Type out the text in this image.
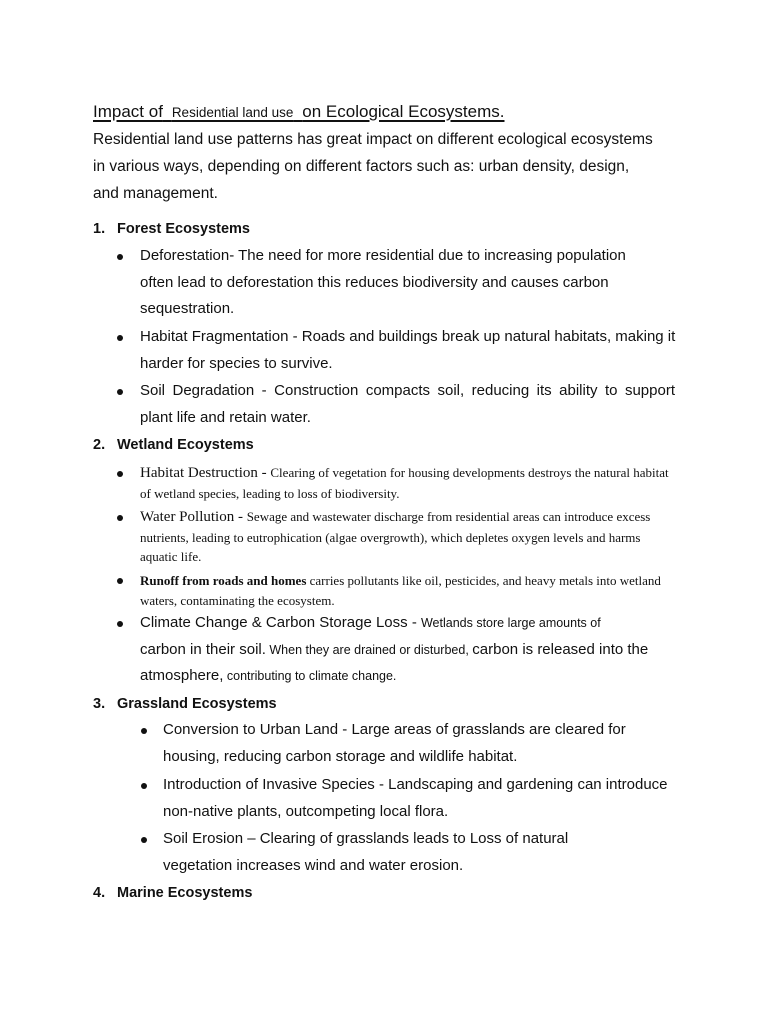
Impact of Residential land use on Ecological Ecosystems.

Residential land use patterns has great impact on different ecological ecosystems in various ways, depending on different factors such as: urban density, design, and management.

1. Forest Ecosystems

Deforestation- The need for more residential due to increasing population often lead to deforestation this reduces biodiversity and causes carbon sequestration.

Habitat Fragmentation - Roads and buildings break up natural habitats, making it harder for species to survive.

Soil Degradation - Construction compacts soil, reducing its ability to support plant life and retain water.

2. Wetland Ecoystems

Habitat Destruction - Clearing of vegetation for housing developments destroys the natural habitat of wetland species, leading to loss of biodiversity.

Water Pollution - Sewage and wastewater discharge from residential areas can introduce excess nutrients, leading to eutrophication (algae overgrowth), which depletes oxygen levels and harms aquatic life.

Runoff from roads and homes carries pollutants like oil, pesticides, and heavy metals into wetland waters, contaminating the ecosystem.

Climate Change & Carbon Storage Loss - Wetlands store large amounts of
carbon in their soil. When they are drained or disturbed, carbon is released into the atmosphere, contributing to climate change.

3. Grassland Ecosystems

Conversion to Urban Land - Large areas of grasslands are cleared for housing, reducing carbon storage and wildlife habitat.

Introduction of Invasive Species - Landscaping and gardening can introduce non-native plants, outcompeting local flora.

Soil Erosion – Clearing of grasslands leads to Loss of natural vegetation increases wind and water erosion.

4. Marine Ecosystems
